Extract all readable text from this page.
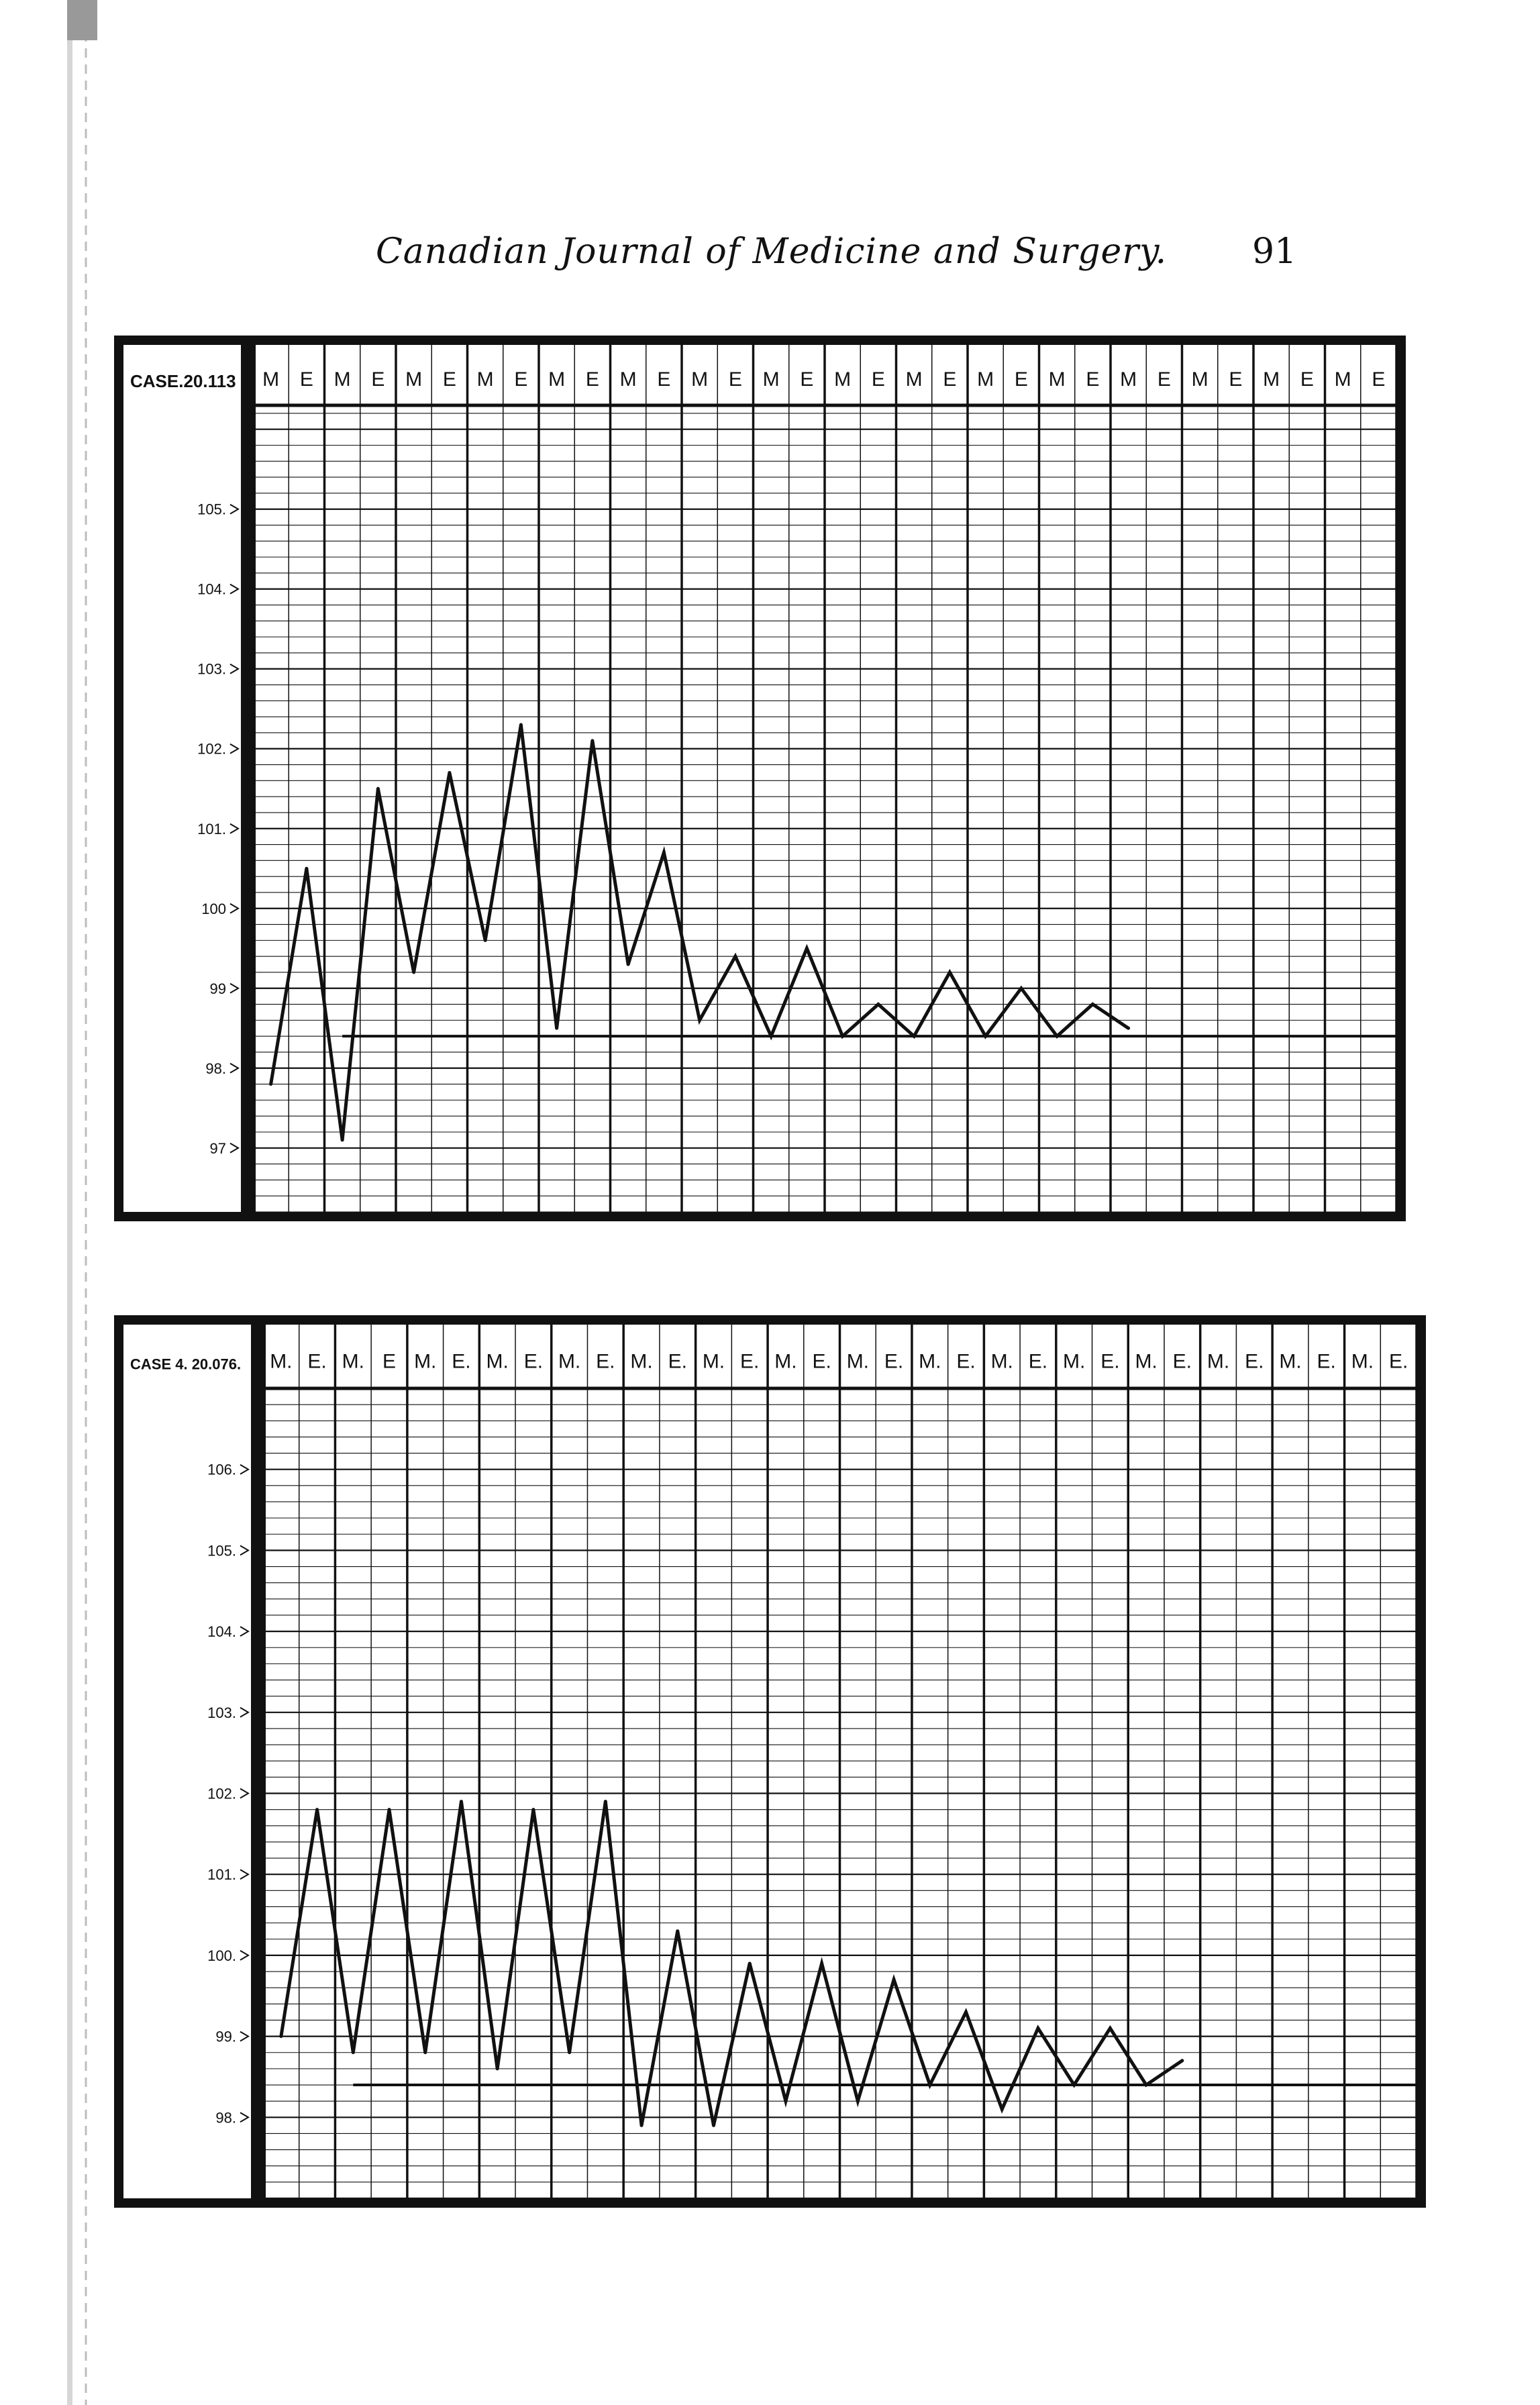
Canadian Journal of Medicine and Surgery.	91
M E M E M E M E M E M E M E M E M E M E M E M E M E M E M E M E
105.
104.
103.
102.
101.
100
99
98.
97
CASE.20.113
M. E. M. E M. E. M. E. M. E. M. E. M. E. M. E. M. E. M. E. M. E. M. E. M. E. M. E. M. E. M. E.
106.
105.
104.
103.
102.
101.
100.
99.
98.
CASE 4. 20.076.
